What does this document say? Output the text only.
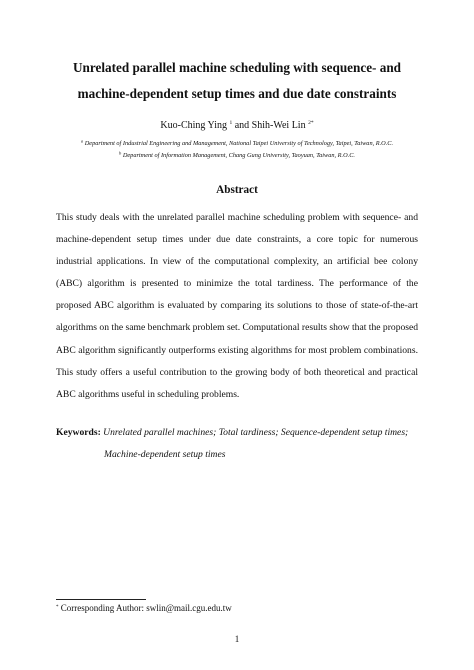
Unrelated parallel machine scheduling with sequence- and
machine-dependent setup times and due date constraints
Kuo-Ching Ying $^1$ and Shih-Wei Lin $^{2*}$
$^a$ Department of Industrial Engineering and Management, National Taipei University of Technology, Taipei, Taiwan, R.O.C.
$^b$ Department of Information Management, Chang Gung University, Taoyuan, Taiwan, R.O.C.
Abstract
This study deals with the unrelated parallel machine scheduling problem with sequence- and
machine-dependent setup times under due date constraints, a core topic for numerous
industrial applications. In view of the computational complexity, an artificial bee colony
(ABC) algorithm is presented to minimize the total tardiness. The performance of the
proposed ABC algorithm is evaluated by comparing its solutions to those of state-of-the-art
algorithms on the same benchmark problem set. Computational results show that the proposed
ABC algorithm significantly outperforms existing algorithms for most problem combinations.
This study offers a useful contribution to the growing body of both theoretical and practical
ABC algorithms useful in scheduling problems.
Keywords: Unrelated parallel machines; Total tardiness; Sequence-dependent setup times;
Machine-dependent setup times
* Corresponding Author: swlin@mail.cgu.edu.tw
1
